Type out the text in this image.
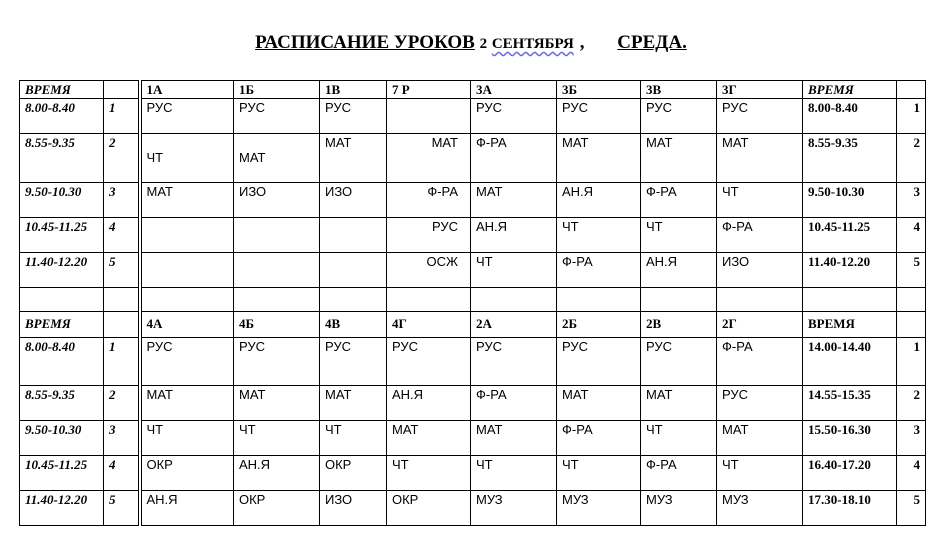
РАСПИСАНИЕ УРОКОВ 2 СЕНТЯБРЯ , СРЕДА.
ВРЕМЯ		1А	1Б	1В	7 Р	3А	3Б	3В	3Г	ВРЕМЯ	
8.00-8.40	1	РУС	РУС	РУС		РУС	РУС	РУС	РУС	8.00-8.40	1
8.55-9.35	2	ЧТ	МАТ	МАТ	МАТ	Ф-РА	МАТ	МАТ	МАТ	8.55-9.35	2
9.50-10.30	3	МАТ	ИЗО	ИЗО	Ф-РА	МАТ	АН.Я	Ф-РА	ЧТ	9.50-10.30	3
10.45-11.25	4				РУС	АН.Я	ЧТ	ЧТ	Ф-РА	10.45-11.25	4
11.40-12.20	5				ОСЖ	ЧТ	Ф-РА	АН.Я	ИЗО	11.40-12.20	5

ВРЕМЯ		4А	4Б	4В	4Г	2А	2Б	2В	2Г	ВРЕМЯ	
8.00-8.40	1	РУС	РУС	РУС	РУС	РУС	РУС	РУС	Ф-РА	14.00-14.40	1
8.55-9.35	2	МАТ	МАТ	МАТ	АН.Я	Ф-РА	МАТ	МАТ	РУС	14.55-15.35	2
9.50-10.30	3	ЧТ	ЧТ	ЧТ	МАТ	МАТ	Ф-РА	ЧТ	МАТ	15.50-16.30	3
10.45-11.25	4	ОКР	АН.Я	ОКР	ЧТ	ЧТ	ЧТ	Ф-РА	ЧТ	16.40-17.20	4
11.40-12.20	5	АН.Я	ОКР	ИЗО	ОКР	МУЗ	МУЗ	МУЗ	МУЗ	17.30-18.10	5
